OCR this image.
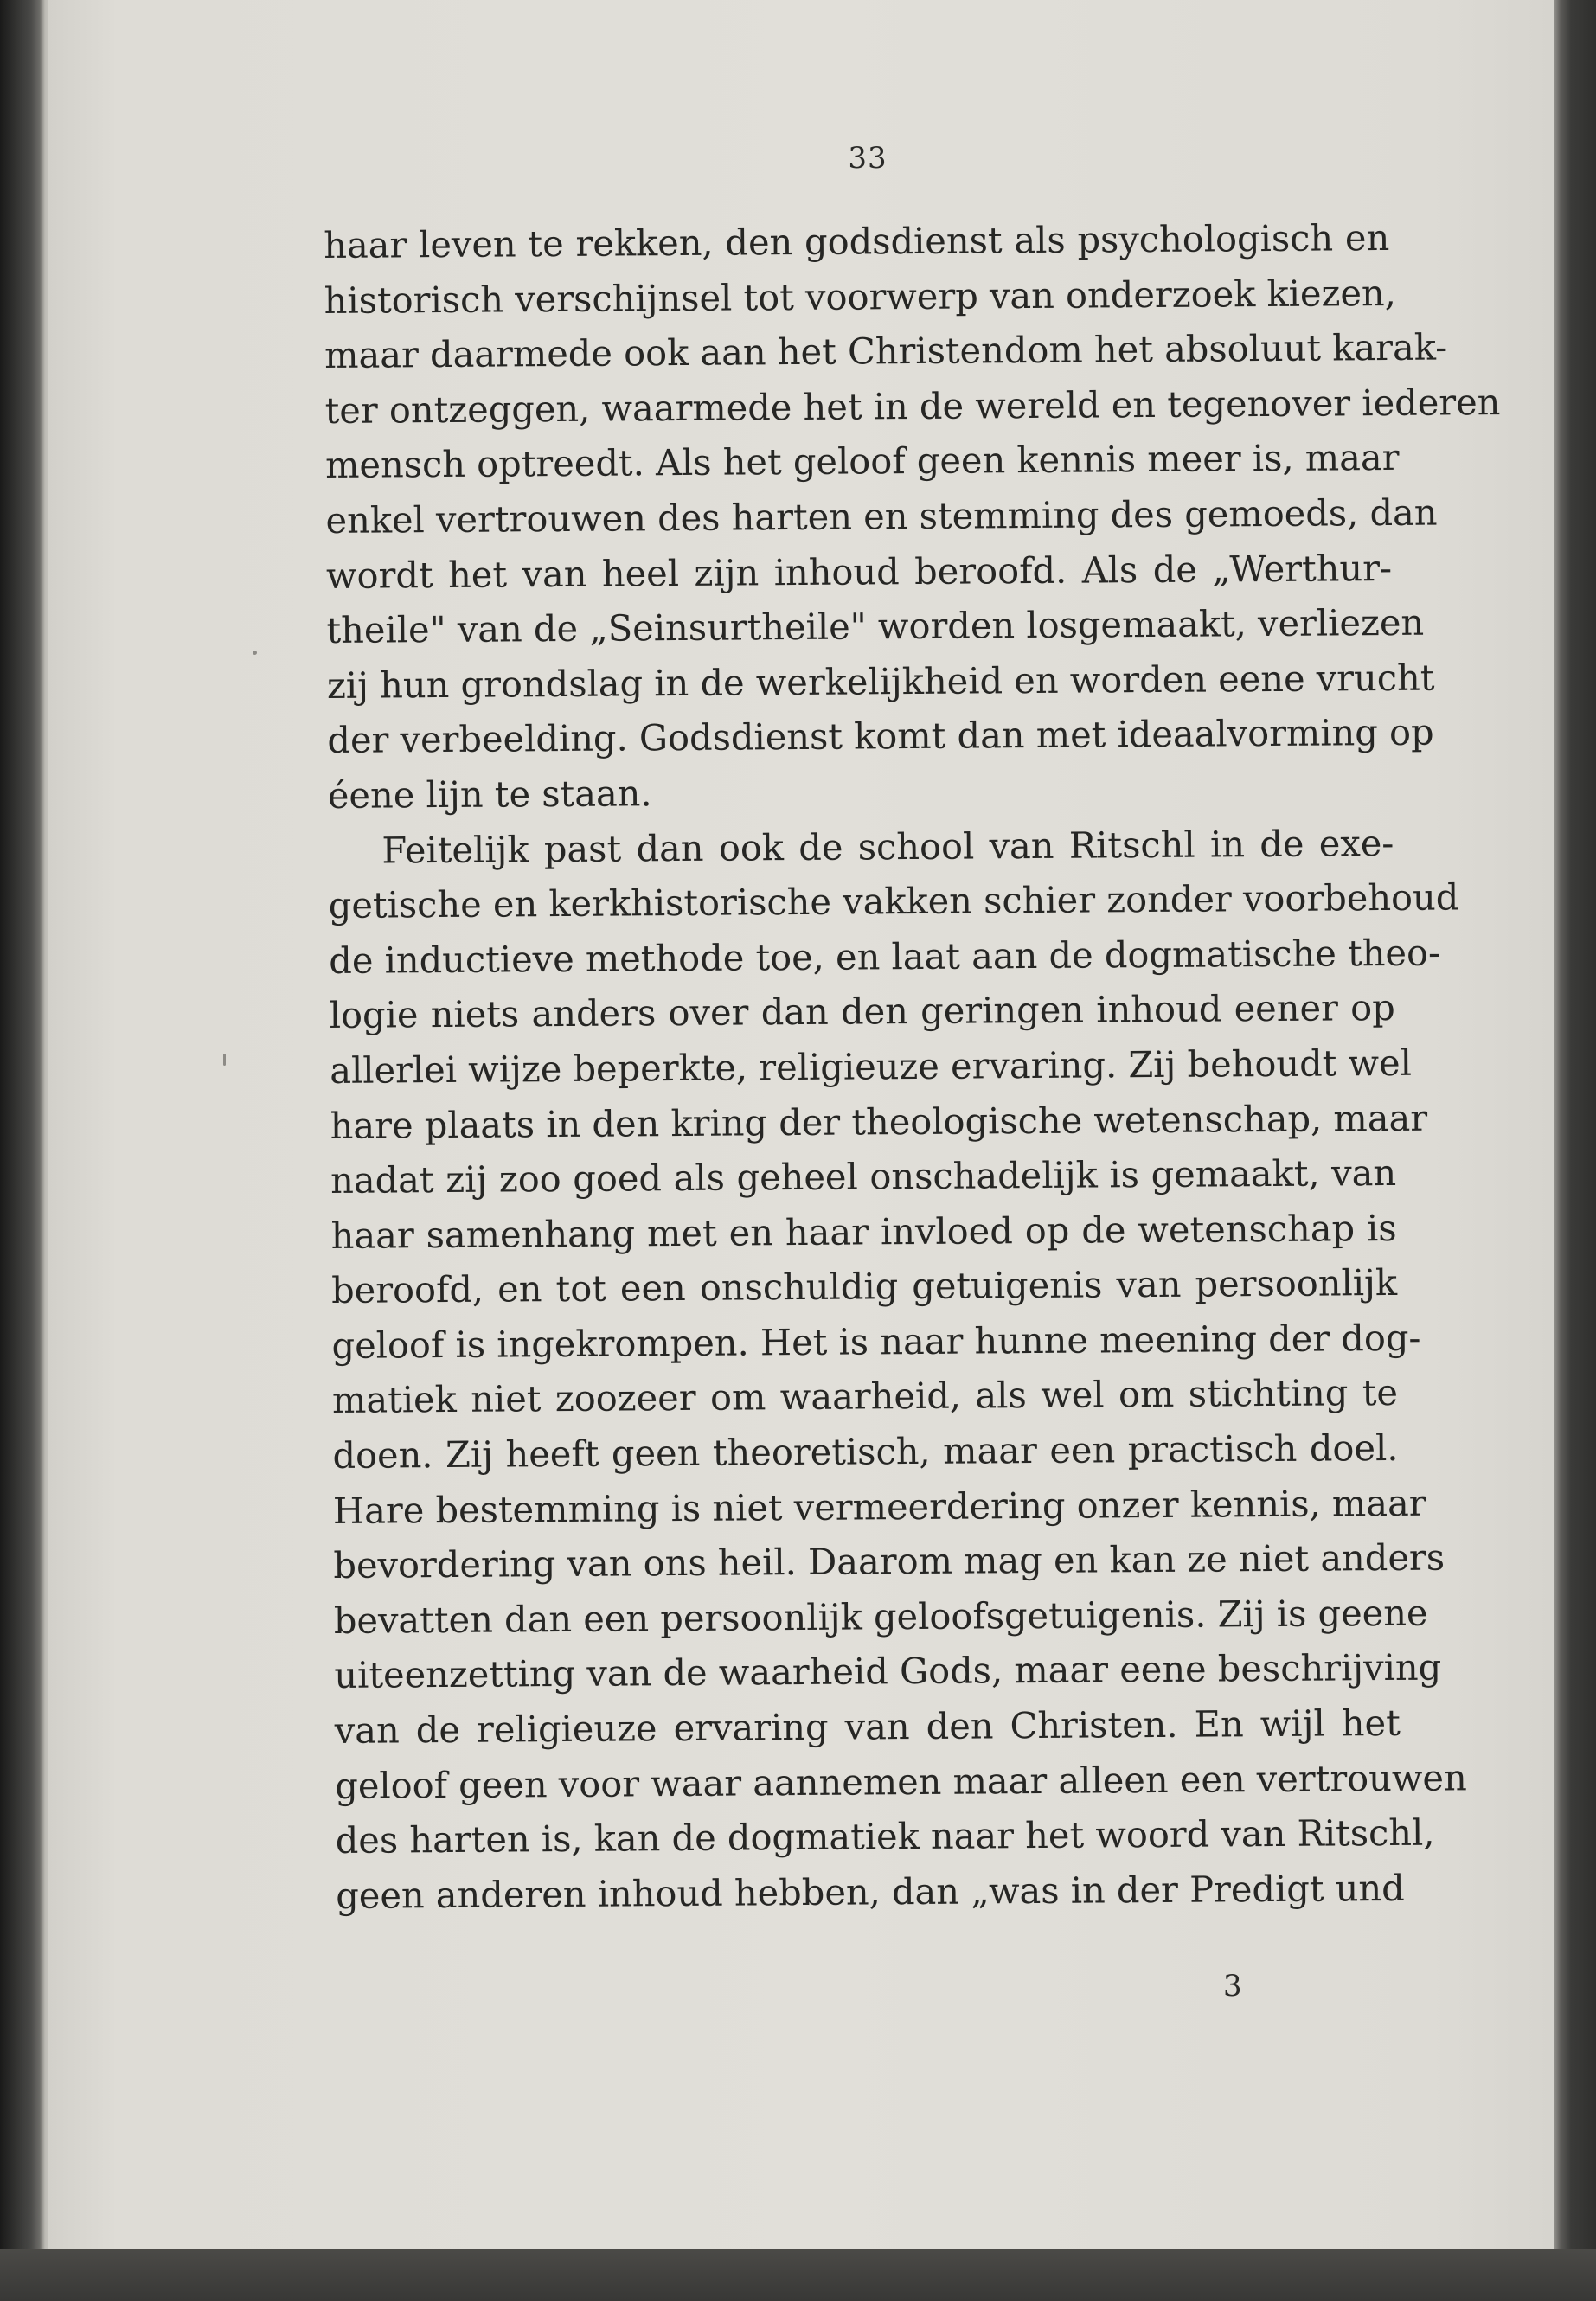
33
haar leven te rekken, den godsdienst als psychologisch en
historisch verschijnsel tot voorwerp van onderzoek kiezen,
maar daarmede ook aan het Christendom het absoluut karak-
ter ontzeggen, waarmede het in de wereld en tegenover iederen
mensch optreedt. Als het geloof geen kennis meer is, maar
enkel vertrouwen des harten en stemming des gemoeds, dan
wordt het van heel zijn inhoud beroofd. Als de „Werthur-
theile" van de „Seinsurtheile" worden losgemaakt, verliezen
zij hun grondslag in de werkelijkheid en worden eene vrucht
der verbeelding. Godsdienst komt dan met ideaalvorming op
éene lijn te staan.
Feitelijk past dan ook de school van Ritschl in de exe-
getische en kerkhistorische vakken schier zonder voorbehoud
de inductieve methode toe, en laat aan de dogmatische theo-
logie niets anders over dan den geringen inhoud eener op
allerlei wijze beperkte, religieuze ervaring. Zij behoudt wel
hare plaats in den kring der theologische wetenschap, maar
nadat zij zoo goed als geheel onschadelijk is gemaakt, van
haar samenhang met en haar invloed op de wetenschap is
beroofd, en tot een onschuldig getuigenis van persoonlijk
geloof is ingekrompen. Het is naar hunne meening der dog-
matiek niet zoozeer om waarheid, als wel om stichting te
doen. Zij heeft geen theoretisch, maar een practisch doel.
Hare bestemming is niet vermeerdering onzer kennis, maar
bevordering van ons heil. Daarom mag en kan ze niet anders
bevatten dan een persoonlijk geloofsgetuigenis. Zij is geene
uiteenzetting van de waarheid Gods, maar eene beschrijving
van de religieuze ervaring van den Christen. En wijl het
geloof geen voor waar aannemen maar alleen een vertrouwen
des harten is, kan de dogmatiek naar het woord van Ritschl,
geen anderen inhoud hebben, dan „was in der Predigt und
3
